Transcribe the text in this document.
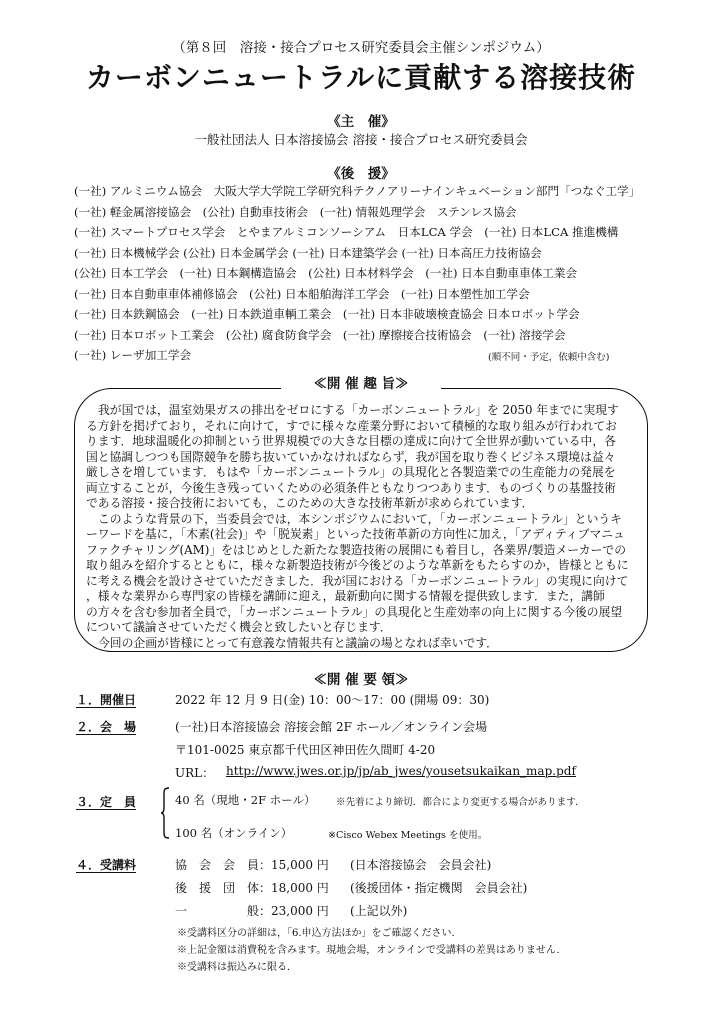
（第８回　溶接・接合プロセス研究委員会主催シンポジウム）
カーボンニュートラルに貢献する溶接技術
《主　催》
一般社団法人 日本溶接協会 溶接・接合プロセス研究委員会
《後　援》
(一社) アルミニウム協会　大阪大学大学院工学研究科テクノアリーナインキュベーション部門「つなぐ工学」
(一社) 軽金属溶接協会　(公社) 自動車技術会　(一社) 情報処理学会　ステンレス協会
(一社) スマートプロセス学会　とやまアルミコンソーシアム　日本LCA 学会　(一社) 日本LCA 推進機構
(一社) 日本機械学会 (公社) 日本金属学会 (一社) 日本建築学会 (一社) 日本高圧力技術協会
(公社) 日本工学会　(一社) 日本鋼構造協会　(公社) 日本材料学会　(一社) 日本自動車車体工業会
(一社) 日本自動車車体補修協会　(公社) 日本船舶海洋工学会　(一社) 日本塑性加工学会
(一社) 日本鉄鋼協会　(一社) 日本鉄道車輌工業会　(一社) 日本非破壊検査協会 日本ロボット学会
(一社) 日本ロボット工業会　(公社) 腐食防食学会　(一社) 摩擦接合技術協会　(一社) 溶接学会
(一社) レーザ加工学会	(順不同・予定，依頼中含む)
≪開 催 趣 旨≫
我が国では，温室効果ガスの排出をゼロにする「カーボンニュートラル」を 2050 年までに実現す
る方針を掲げており，それに向けて，すでに様々な産業分野において積極的な取り組みが行われてお
ります．地球温暖化の抑制という世界規模での大きな目標の達成に向けて全世界が動いている中，各
国と協調しつつも国際競争を勝ち抜いていかなければならず，我が国を取り巻くビジネス環境は益々
厳しさを増しています．もはや「カーボンニュートラル」の具現化と各製造業での生産能力の発展を
両立することが，今後生き残っていくための必須条件ともなりつつあります．ものづくりの基盤技術
である溶接・接合技術においても，このための大きな技術革新が求められています．
このような背景の下，当委員会では，本シンポジウムにおいて，「カーボンニュートラル」というキ
ーワードを基に，「木素(社会)」や「脱炭素」といった技術革新の方向性に加え，「アディティブマニュ
ファクチャリング(AM)」をはじめとした新たな製造技術の展開にも着目し，各業界/製造メーカーでの
取り組みを紹介するとともに，様々な新製造技術が今後どのような革新をもたらすのか，皆様とともに
に考える機会を設けさせていただきました．我が国における「カーボンニュートラル」の実現に向けて
，様々な業界から専門家の皆様を講師に迎え，最新動向に関する情報を提供致します．また，講師
の方々を含む参加者全員で，「カーボンニュートラル」の具現化と生産効率の向上に関する今後の展望
について議論させていただく機会と致したいと存じます．
今回の企画が皆様にとって有意義な情報共有と議論の場となれば幸いです．
≪開 催 要 領≫
１．開催日	2022 年 12 月 9 日(金) 10：00～17：00 (開場 09：30)
２．会　場	(一社)日本溶接協会 溶接会館 2F ホール／オンライン会場
〒101-0025 東京都千代田区神田佐久間町 4-20
URL： http://www.jwes.or.jp/jp/ab_jwes/yousetsukaikan_map.pdf
３．定　員	40 名（現地・2F ホール） ※先着により締切．都合により変更する場合があります．
100 名（オンライン）	※Cisco Webex Meetings を使用。
４．受講料	協　会　会　員：15,000 円 (日本溶接協会　会員会社)
後　援　団　体：18,000 円 (後援団体・指定機関　会員会社)
一　　　　　般：23,000 円 (上記以外)
※受講料区分の詳細は，「6.申込方法ほか」をご確認ください．
※上記金額は消費税を含みます。現地会場，オンラインで受講料の差異はありません．
※受講料は振込みに限る．
